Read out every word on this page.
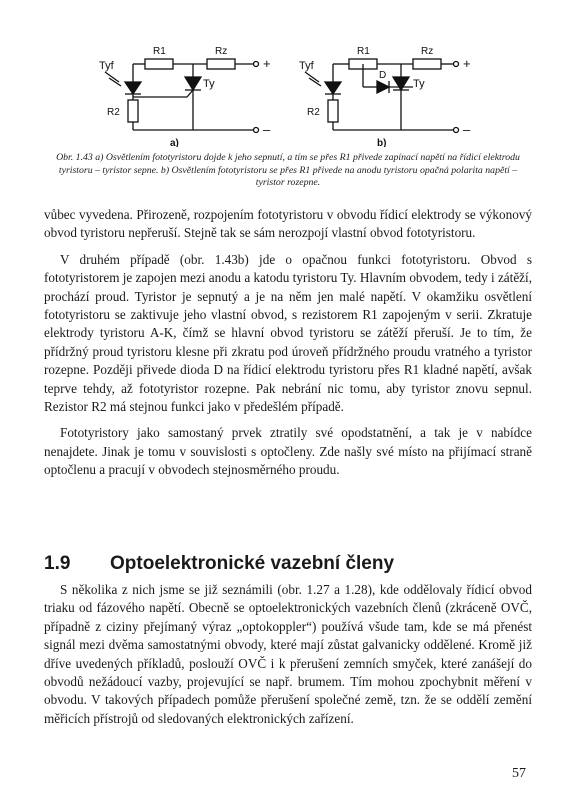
R1	Rz
+
Tyf
Ty
R2
–
a)
R1	Rz
+
Tyf
D
Ty
R2
–
b)
Obr. 1.43 a) Osvětlením fototyristoru dojde k jeho sepnutí, a tím se přes R1 přivede zapínací napětí na řídicí elektrodu tyristoru – tyristor sepne. b) Osvětlením fototyristoru se přes R1 přivede na anodu tyristoru opačná polarita napětí – tyristor rozepne.

vůbec vyvedena. Přirozeně, rozpojením fototyristoru v obvodu řídicí elektrody se výkonový obvod tyristoru nepřeruší. Stejně tak se sám nerozpojí vlastní obvod fototyristoru.

V druhém případě (obr. 1.43b) jde o opačnou funkci fototyristoru. Obvod s fototyristorem je zapojen mezi anodu a katodu tyristoru Ty. Hlavním obvodem, tedy i zátěží, prochází proud. Tyristor je sepnutý a je na něm jen malé napětí. V okamžiku osvětlení fototyristoru se zaktivuje jeho vlastní obvod, s rezistorem R1 zapojeným v serii. Zkratuje elektrody tyristoru A-K, čímž se hlavní obvod tyristoru se zátěží přeruší. Je to tím, že přídržný proud tyristoru klesne při zkratu pod úroveň přídržného proudu vratného a tyristor rozepne. Později přivede dioda D na řídicí elektrodu tyristoru přes R1 kladné napětí, avšak teprve tehdy, až fototyristor rozepne. Pak nebrání nic tomu, aby tyristor znovu sepnul. Rezistor R2 má stejnou funkci jako v předešlém případě.

Fototyristory jako samostaný prvek ztratily své opodstatnění, a tak je v nabídce nenajdete. Jinak je tomu v souvislosti s optočleny. Zde našly své místo na přijímací straně optočlenu a pracují v obvodech stejnosměrného proudu.

1.9 Optoelektronické vazební členy

S několika z nich jsme se již seznámili (obr. 1.27 a 1.28), kde oddělovaly řídicí obvod triaku od fázového napětí. Obecně se optoelektronických vazebních členů (zkráceně OVČ, případně z ciziny přejímaný výraz „optokoppler“) používá všude tam, kde se má přenést signál mezi dvěma samostatnými obvody, které mají zůstat galvanicky oddělené. Kromě již dříve uvedených příkladů, poslouží OVČ i k přerušení zemních smyček, které zanášejí do obvodů nežádoucí vazby, projevující se např. brumem. Tím mohou zpochybnit měření v obvodu. V takových případech pomůže přerušení společné země, tzn. že se oddělí zemění měřicích přístrojů od sledovaných elektronických zařízení.

57
